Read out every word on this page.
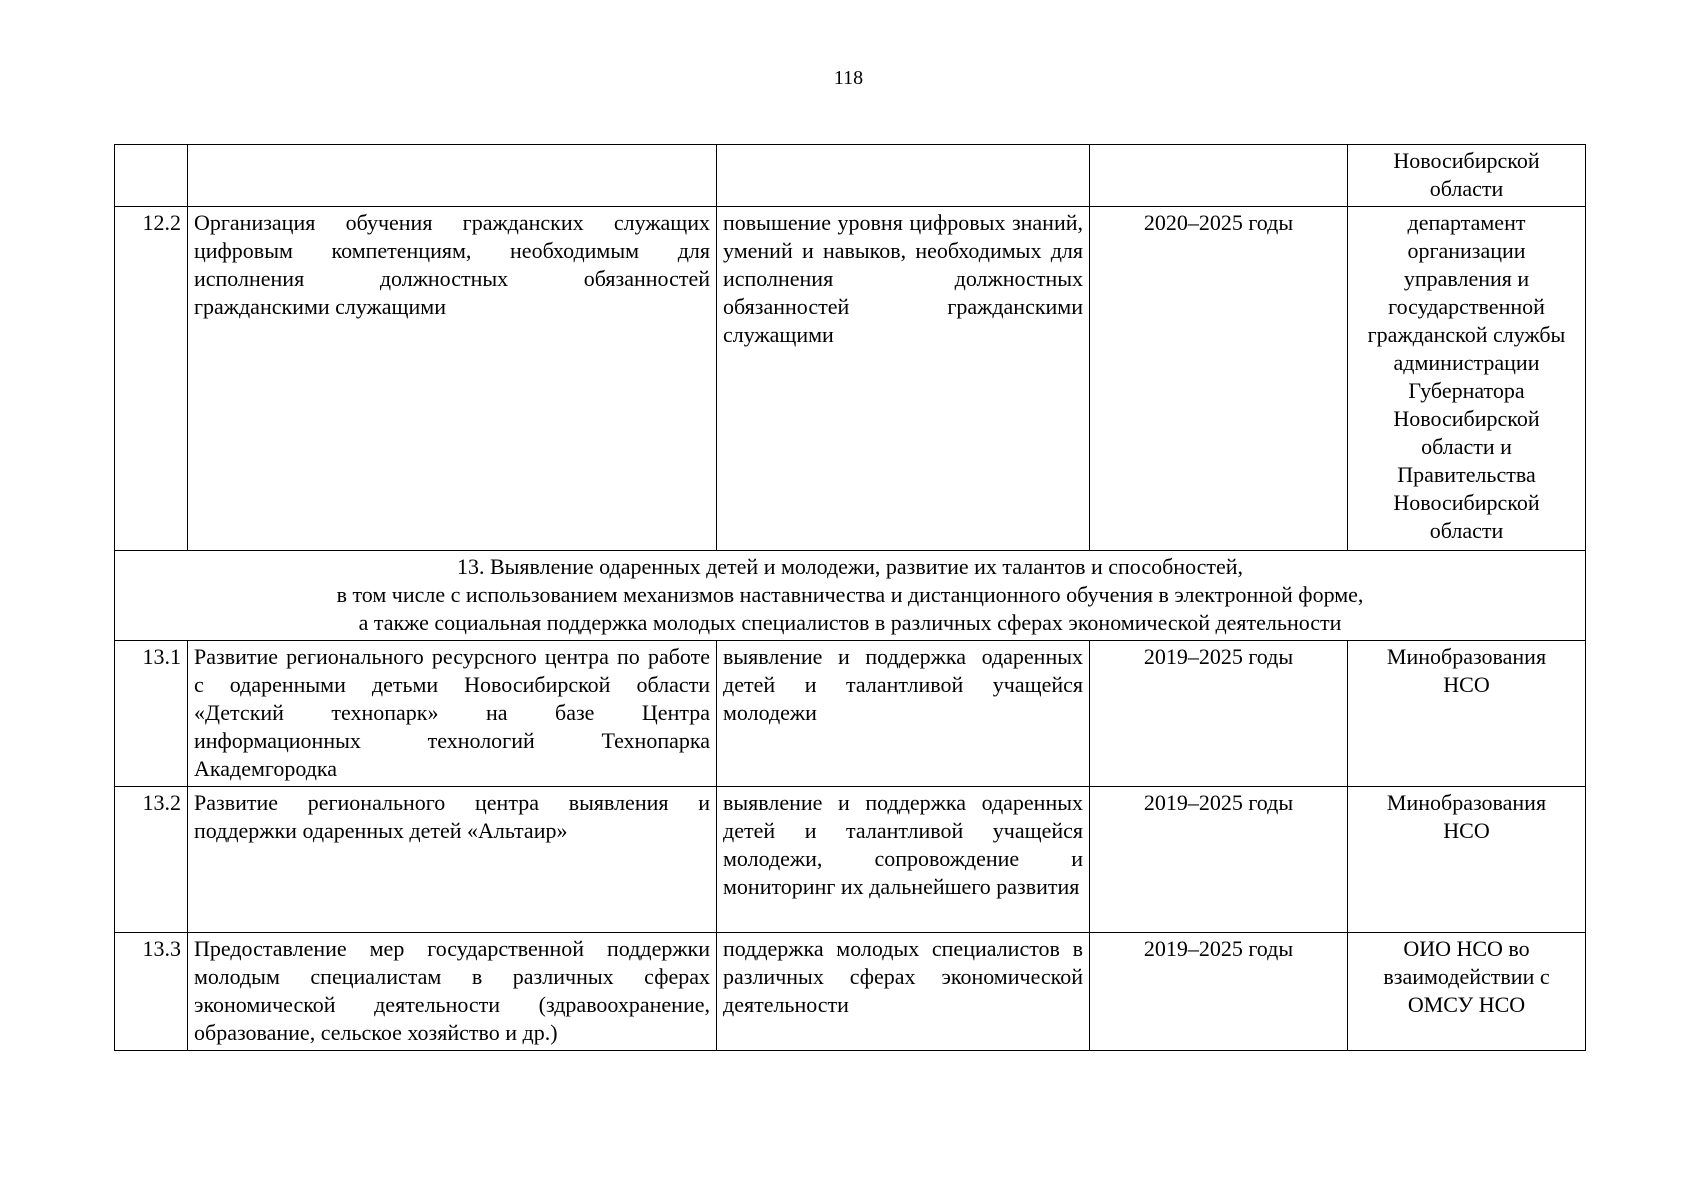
118
				Новосибирской области
12.2	Организация обучения гражданских служащих цифровым компетенциям, необходимым для исполнения должностных обязанностей гражданскими служащими	повышение уровня цифровых знаний, умений и навыков, необходимых для исполнения должностных обязанностей гражданскими служащими	2020–2025 годы	департамент организации управления и государственной гражданской службы администрации Губернатора Новосибирской области и Правительства Новосибирской области

13. Выявление одаренных детей и молодежи, развитие их талантов и способностей,
в том числе с использованием механизмов наставничества и дистанционного обучения в электронной форме,
а также социальная поддержка молодых специалистов в различных сферах экономической деятельности				

13.1	Развитие регионального ресурсного центра по работе с одаренными детьми Новосибирской области «Детский технопарк» на базе Центра информационных технологий Технопарка Академгородка	выявление и поддержка одаренных детей и талантливой учащейся молодежи	2019–2025 годы	Минобразования НСО
13.2	Развитие регионального центра выявления и поддержки одаренных детей «Альтаир»	выявление и поддержка одаренных детей и талантливой учащейся молодежи, сопровождение и мониторинг их дальнейшего развития	2019–2025 годы	Минобразования НСО
13.3	Предоставление мер государственной поддержки молодым специалистам в различных сферах экономической деятельности (здравоохранение, образование, сельское хозяйство и др.)	поддержка молодых специалистов в различных сферах экономической деятельности	2019–2025 годы	ОИО НСО во взаимодействии с ОМСУ НСО
